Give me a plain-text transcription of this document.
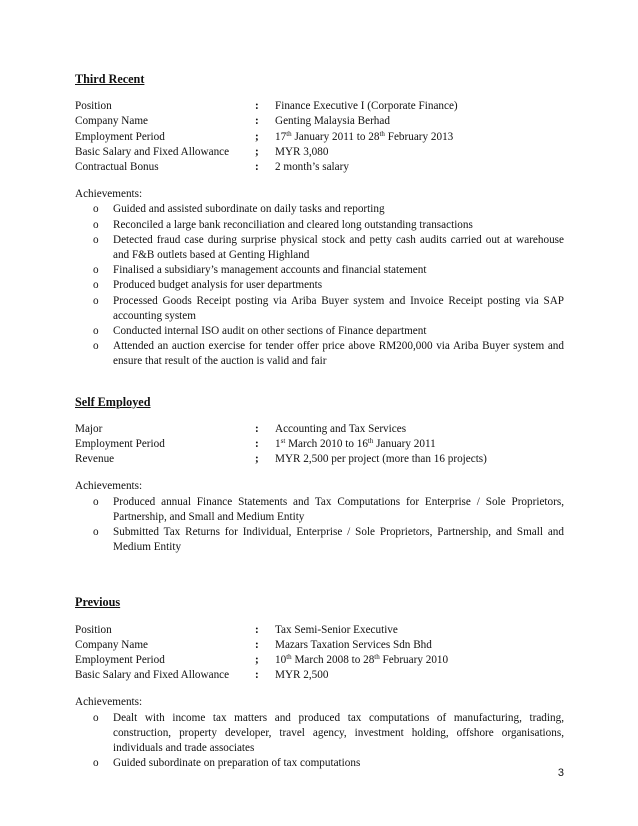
Third Recent
Position	:	Finance Executive I (Corporate Finance)
Company Name	:	Genting Malaysia Berhad
Employment Period	;	17th January 2011 to 28th February 2013
Basic Salary and Fixed Allowance	;	MYR 3,080
Contractual Bonus	:	2 month’s salary
Achievements:
o	Guided and assisted subordinate on daily tasks and reporting
o	Reconciled a large bank reconciliation and cleared long outstanding transactions
o	Detected fraud case during surprise physical stock and petty cash audits carried out at warehouse and F&B outlets based at Genting Highland
o	Finalised a subsidiary’s management accounts and financial statement
o	Produced budget analysis for user departments
o	Processed Goods Receipt posting via Ariba Buyer system and Invoice Receipt posting via SAP accounting system
o	Conducted internal ISO audit on other sections of Finance department
o	Attended an auction exercise for tender offer price above RM200,000 via Ariba Buyer system and ensure that result of the auction is valid and fair
Self Employed
Major	:	Accounting and Tax Services
Employment Period	:	1st March 2010 to 16th January 2011
Revenue	;	MYR 2,500 per project (more than 16 projects)
Achievements:
o	Produced annual Finance Statements and Tax Computations for Enterprise / Sole Proprietors, Partnership, and Small and Medium Entity
o	Submitted Tax Returns for Individual, Enterprise / Sole Proprietors, Partnership, and Small and Medium Entity
Previous
Position	:	Tax Semi-Senior Executive
Company Name	:	Mazars Taxation Services Sdn Bhd
Employment Period	;	10th March 2008 to 28th February 2010
Basic Salary and Fixed Allowance	:	MYR 2,500
Achievements:
o	Dealt with income tax matters and produced tax computations of manufacturing, trading, construction, property developer, travel agency, investment holding, offshore organisations, individuals and trade associates
o	Guided subordinate on preparation of tax computations
3
